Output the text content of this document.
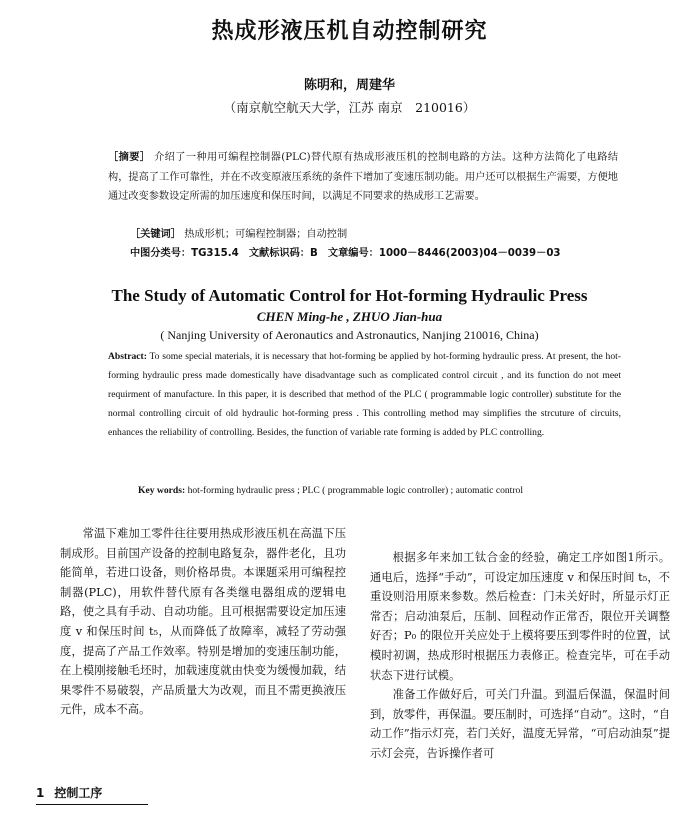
热成形液压机自动控制研究
陈明和，周建华
（南京航空航天大学，江苏 南京　210016）
［摘要］ 介绍了一种用可编程控制器(PLC)替代原有热成形液压机的控制电路的方法。这种方法简化了电路结构，提高了工作可靠性，并在不改变原液压系统的条件下增加了变速压制功能。用户还可以根据生产需要，方便地通过改变参数设定所需的加压速度和保压时间，以满足不同要求的热成形工艺需要。
［关键词］ 热成形机；可编程控制器；自动控制
中图分类号：TG315.4　文献标识码：B　文章编号：1000－8446(2003)04－0039－03
The Study of Automatic Control for Hot-forming Hydraulic Press
CHEN Ming-he , ZHUO Jian-hua
( Nanjing University of Aeronautics and Astronautics, Nanjing 210016, China)
Abstract: To some special materials, it is necessary that hot-forming be applied by hot-forming hydraulic press. At present, the hot-forming hydraulic press made domestically have disadvantage such as complicated control circuit , and its function do not meet requirment of manufacture. In this paper, it is described that method of the PLC ( programmable logic controller) substitute for the normal controlling circuit of old hydraulic hot-forming press . This controlling method may simplifies the strcuture of circuits, enhances the reliability of controlling. Besides, the function of variable rate forming is added by PLC controlling.
Key words: hot-forming hydraulic press ; PLC ( programmable logic controller) ; automatic control

常温下难加工零件往往要用热成形液压机在高温下压制成形。目前国产设备的控制电路复杂，器件老化，且功能简单，若进口设备，则价格昂贵。本课题采用可编程控制器(PLC)，用软件替代原有各类继电器组成的逻辑电路，使之具有手动、自动功能。且可根据需要设定加压速度 v 和保压时间 t₅，从而降低了故障率，减轻了劳动强度，提高了产品工作效率。特别是增加的变速压制功能，在上模刚接触毛坯时，加载速度就由快变为缓慢加载，结果零件不易破裂，产品质量大为改观，而且不需更换液压元件，成本不高。

1 控制工序

根据多年来加工钛合金的经验，确定工序如图1所示。通电后，选择“手动”，可设定加压速度 v 和保压时间 t₅，不重设则沿用原来参数。然后检查：门未关好时，所显示灯正常否；启动油泵后，压制、回程动作正常否，限位开关调整好否；P₀ 的限位开关应处于上模将要压到零件时的位置，试模时初调，热成形时根据压力表修正。检查完毕，可在手动状态下进行试模。

准备工作做好后，可关门升温。到温后保温，保温时间到，放零件，再保温。要压制时，可选择“自动”。这时，“自动工作”指示灯亮，若门关好，温度无异常，“可启动油泵”提示灯会亮，告诉操作者可
